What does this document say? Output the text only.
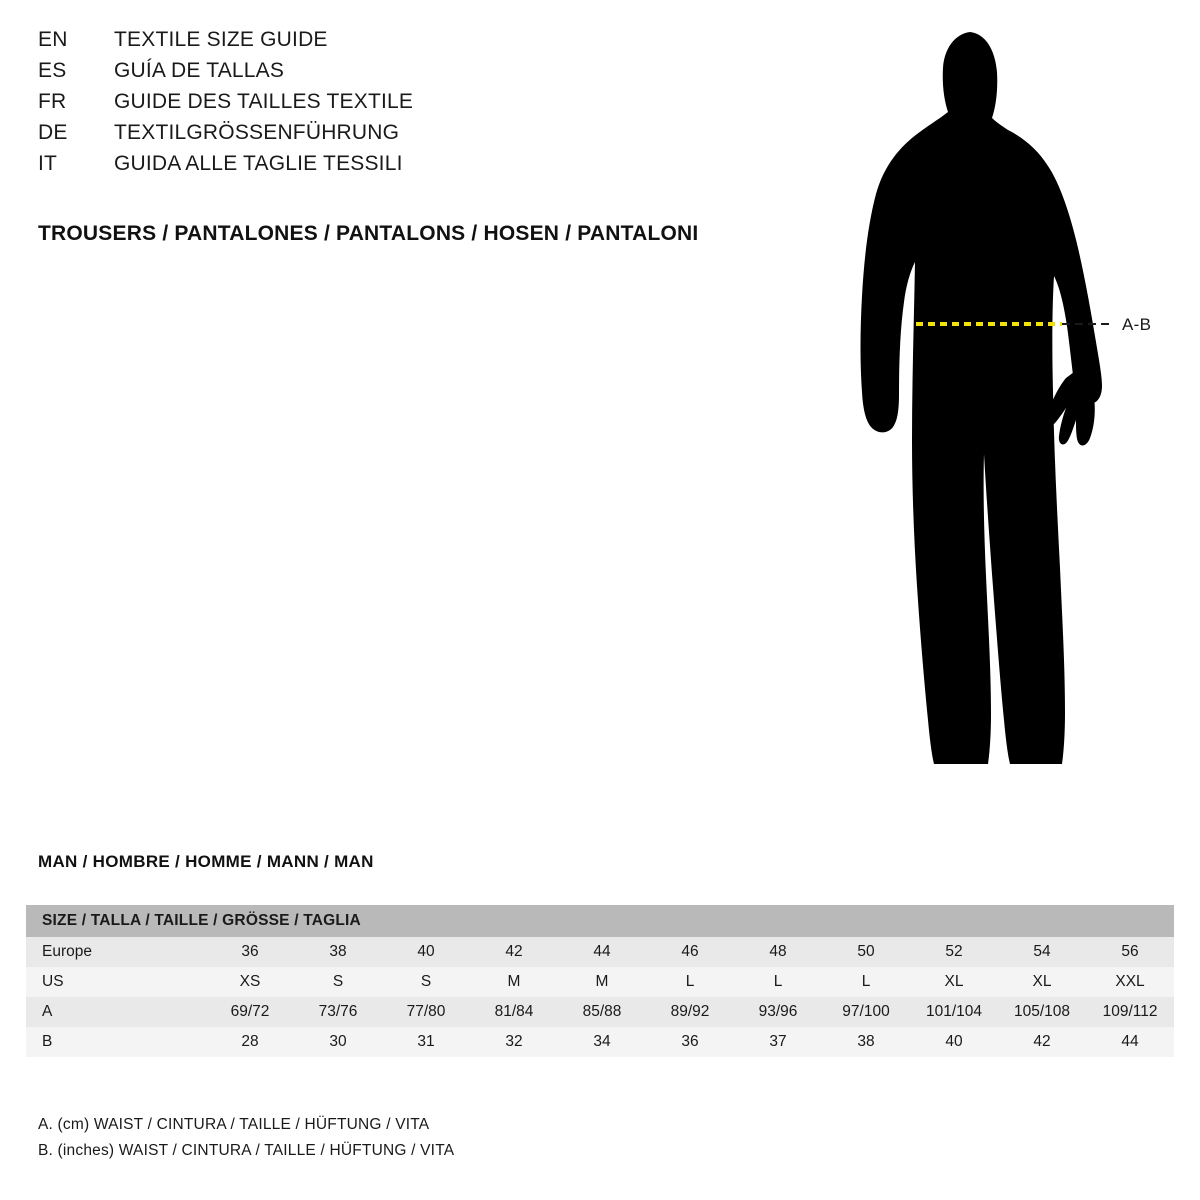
EN	TEXTILE SIZE GUIDE
ES	GUÍA DE TALLAS
FR	GUIDE DES TAILLES TEXTILE
DE	TEXTILGRÖSSENFÜHRUNG
IT	GUIDA ALLE TAGLIE TESSILI
TROUSERS / PANTALONES / PANTALONS / HOSEN / PANTALONI
A-B
MAN / HOMBRE / HOMME / MANN / MAN
SIZE / TALLA / TAILLE / GRÖSSE / TAGLIA											
Europe	36	38	40	42	44	46	48	50	52	54	56
US	XS	S	S	M	M	L	L	L	XL	XL	XXL
A	69/72	73/76	77/80	81/84	85/88	89/92	93/96	97/100	101/104	105/108	109/112
B	28	30	31	32	34	36	37	38	40	42	44
A. (cm) WAIST / CINTURA / TAILLE / HÜFTUNG / VITA
B. (inches) WAIST / CINTURA / TAILLE / HÜFTUNG / VITA
